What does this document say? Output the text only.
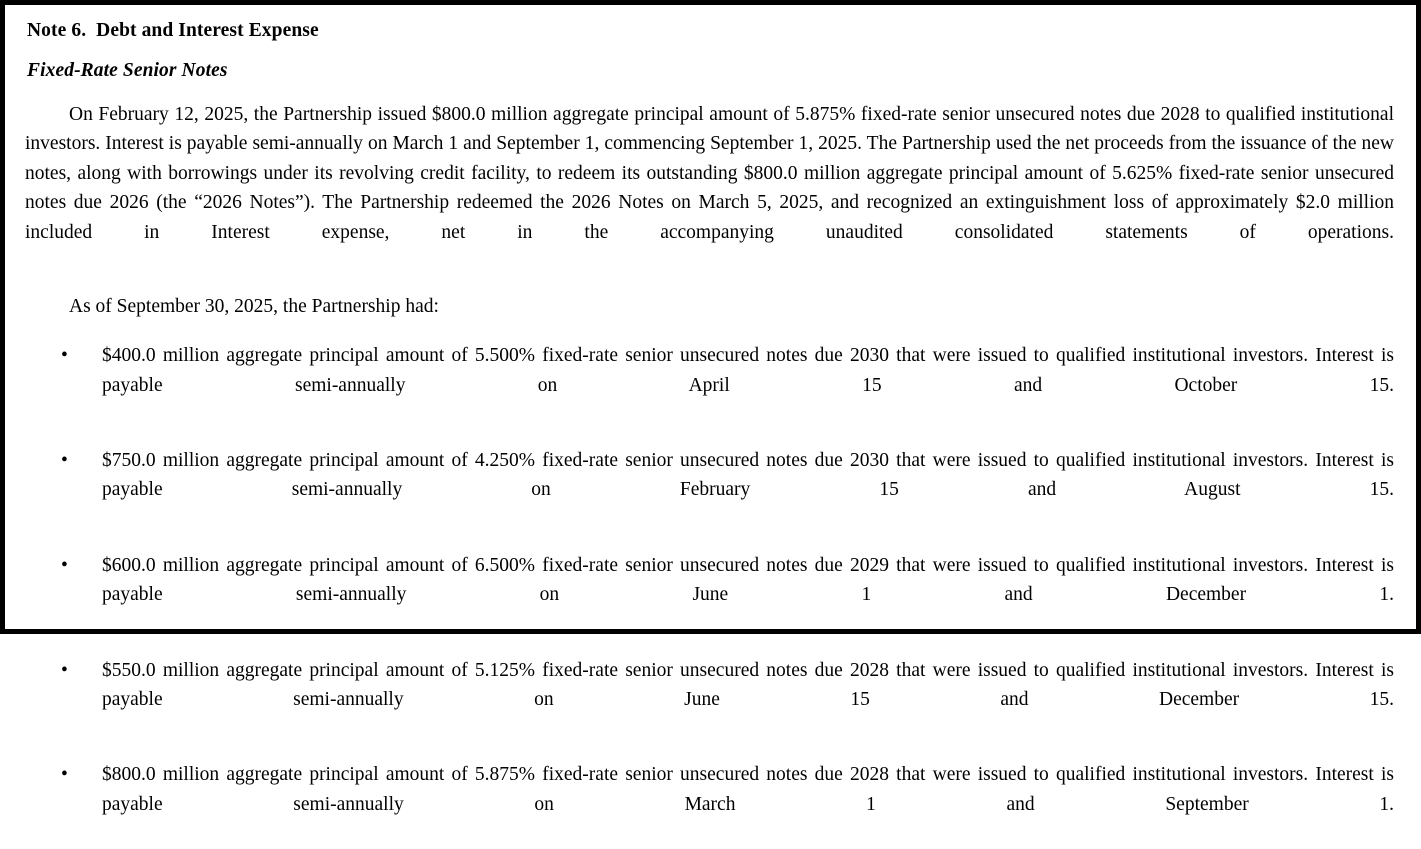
Note 6.  Debt and Interest Expense
Fixed‑Rate Senior Notes

On February 12, 2025, the Partnership issued $800.0 million aggregate principal amount of 5.875% fixed-rate senior unsecured notes due 2028 to qualified institutional investors. Interest is payable semi-annually on March 1 and September 1, commencing September 1, 2025. The Partnership used the net proceeds from the issuance of the new notes, along with borrowings under its revolving credit facility, to redeem its outstanding $800.0 million aggregate principal amount of 5.625% fixed-rate senior unsecured notes due 2026 (the “2026 Notes”). The Partnership redeemed the 2026 Notes on March 5, 2025, and recognized an extinguishment loss of approximately $2.0 million included in Interest expense, net in the accompanying unaudited consolidated statements of operations.

As of September 30, 2025, the Partnership had:

• $400.0 million aggregate principal amount of 5.500% fixed-rate senior unsecured notes due 2030 that were issued to qualified institutional investors. Interest is payable semi-annually on April 15 and October 15.
• $750.0 million aggregate principal amount of 4.250% fixed-rate senior unsecured notes due 2030 that were issued to qualified institutional investors. Interest is payable semi-annually on February 15 and August 15.
• $600.0 million aggregate principal amount of 6.500% fixed-rate senior unsecured notes due 2029 that were issued to qualified institutional investors. Interest is payable semi-annually on June 1 and December 1.
• $550.0 million aggregate principal amount of 5.125% fixed-rate senior unsecured notes due 2028 that were issued to qualified institutional investors. Interest is payable semi-annually on June 15 and December 15.
• $800.0 million aggregate principal amount of 5.875% fixed-rate senior unsecured notes due 2028 that were issued to qualified institutional investors. Interest is payable semi-annually on March 1 and September 1.
